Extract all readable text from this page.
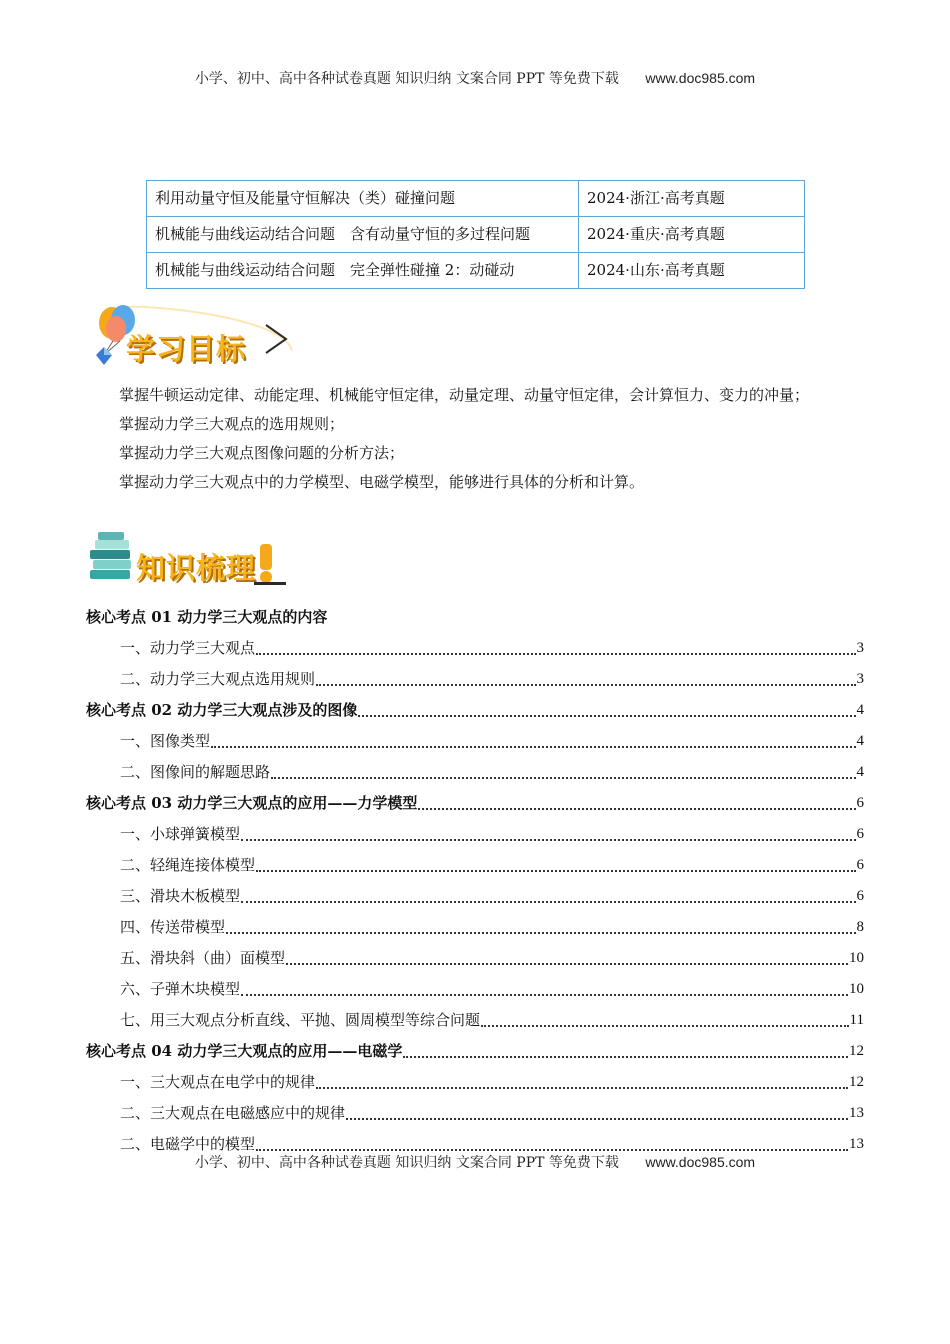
小学、初中、高中各种试卷真题 知识归纳 文案合同 PPT 等免费下载 www.doc985.com
利用动量守恒及能量守恒解决（类）碰撞问题	2024·浙江·高考真题
机械能与曲线运动结合问题　含有动量守恒的多过程问题	2024·重庆·高考真题
机械能与曲线运动结合问题　完全弹性碰撞 2：动碰动	2024·山东·高考真题
学习目标

掌握牛顿运动定律、动能定理、机械能守恒定律，动量定理、动量守恒定律，会计算恒力、变力的冲量；

掌握动力学三大观点的选用规则；

掌握动力学三大观点图像问题的分析方法；

掌握动力学三大观点中的力学模型、电磁学模型，能够进行具体的分析和计算。

知识梳理
核心考点 01 动力学三大观点的内容
一、动力学三大观点	3
二、动力学三大观点选用规则	3
核心考点 02 动力学三大观点涉及的图像	4
一、图像类型	4
二、图像间的解题思路	4
核心考点 03 动力学三大观点的应用——力学模型	6
一、小球弹簧模型	6
二、轻绳连接体模型	6
三、滑块木板模型	6
四、传送带模型	8
五、滑块斜（曲）面模型	10
六、子弹木块模型	10
七、用三大观点分析直线、平抛、圆周模型等综合问题	11
核心考点 04 动力学三大观点的应用——电磁学	12
一、三大观点在电学中的规律	12
二、三大观点在电磁感应中的规律	13
二、电磁学中的模型	13
小学、初中、高中各种试卷真题 知识归纳 文案合同 PPT 等免费下载 www.doc985.com
